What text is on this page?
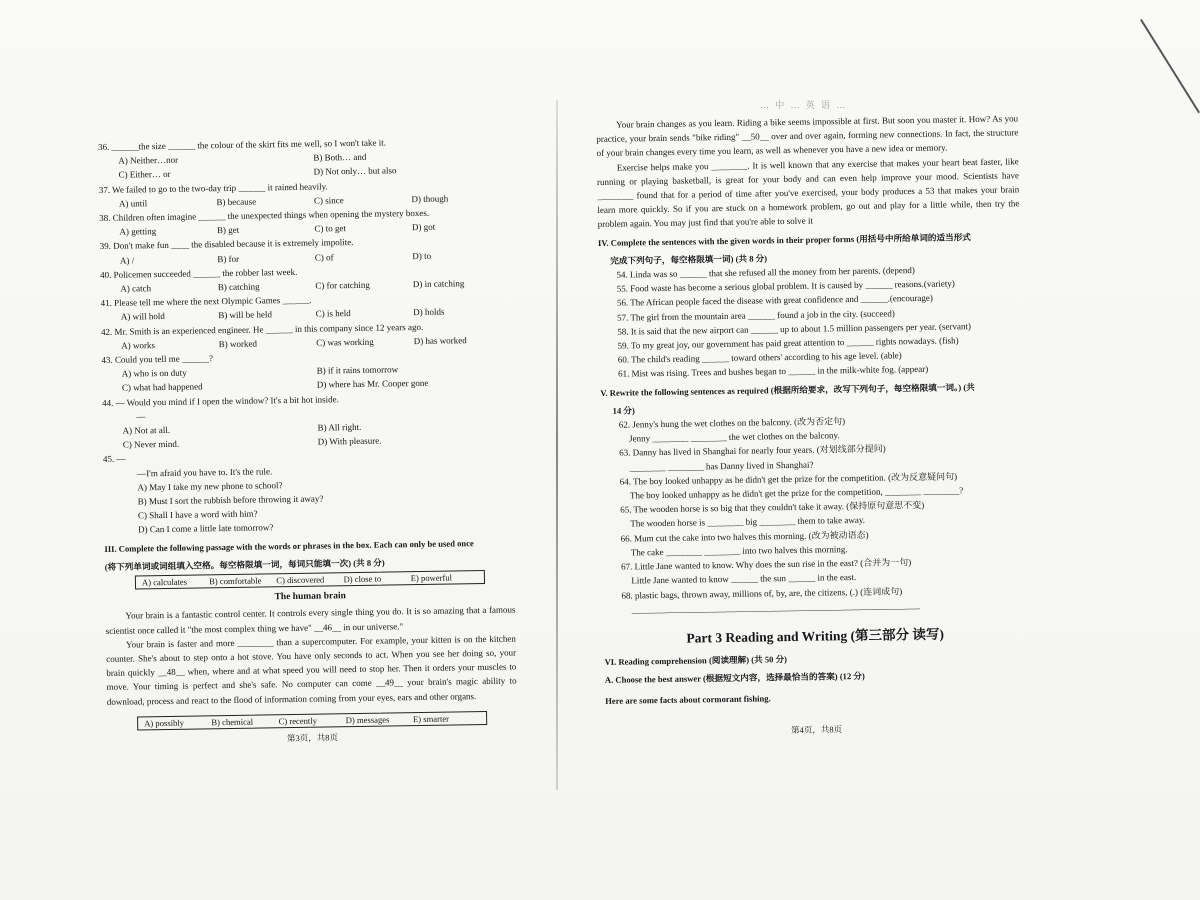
… 中 … 英 语 …
36. ______the size ______ the colour of the skirt fits me well, so I won't take it.
A) Neither…nor	B) Both… and
C) Either… or	D) Not only… but also
37. We failed to go to the two-day trip ______ it rained heavily.
A) until	B) because	C) since	D) though
38. Children often imagine ______ the unexpected things when opening the mystery boxes.
A) getting	B) get	C) to get	D) got
39. Don't make fun ____ the disabled because it is extremely impolite.
A) /	B) for	C) of	D) to
40. Policemen succeeded ______ the robber last week.
A) catch	B) catching	C) for catching	D) in catching
41. Please tell me where the next Olympic Games ______.
A) will hold	B) will be held	C) is held	D) holds
42. Mr. Smith is an experienced engineer. He ______ in this company since 12 years ago.
A) works	B) worked	C) was working	D) has worked
43. Could you tell me ______?
A) who is on duty	B) if it rains tomorrow
C) what had happened	D) where has Mr. Cooper gone
44. — Would you mind if I open the window? It's a bit hot inside.
—
A) Not at all.	B) All right.
C) Never mind.	D) With pleasure.
45. —
—I'm afraid you have to. It's the rule.
A) May I take my new phone to school?
B) Must I sort the rubbish before throwing it away?
C) Shall I have a word with him?
D) Can I come a little late tomorrow?
III. Complete the following passage with the words or phrases in the box. Each can only be used once
(将下列单词或词组填入空格。每空格限填一词，每词只能填一次) (共 8 分)
A) calculates	B) comfortable	C) discovered	D) close to	E) powerful
The human brain
Your brain is a fantastic control center. It controls every single thing you do. It is so amazing that a famous scientist once called it "the most complex thing we have" __46__ in our universe."
Your brain is faster and more ________ than a supercomputer. For example, your kitten is on the kitchen counter. She's about to step onto a hot stove. You have only seconds to act. When you see her doing so, your brain quickly __48__ when, where and at what speed you will need to stop her. Then it orders your muscles to move. Your timing is perfect and she's safe. No computer can come __49__ your brain's magic ability to download, process and react to the flood of information coming from your eyes, ears and other organs.
A) possibly	B) chemical	C) recently	D) messages	E) smarter
第3页，共8页
Your brain changes as you learn. Riding a bike seems impossible at first. But soon you master it. How? As you practice, your brain sends "bike riding" __50__ over and over again, forming new connections. In fact, the structure of your brain changes every time you learn, as well as whenever you have a new idea or memory.
Exercise helps make you ________. It is well known that any exercise that makes your heart beat faster, like running or playing basketball, is great for your body and can even help improve your mood. Scientists have ________ found that for a period of time after you've exercised, your body produces a 53 that makes your brain learn more quickly. So if you are stuck on a homework problem, go out and play for a little while, then try the problem again. You may just find that you're able to solve it
IV. Complete the sentences with the given words in their proper forms (用括号中所给单词的适当形式
完成下列句子，每空格限填一词) (共 8 分)
54. Linda was so ______ that she refused all the money from her parents. (depend)
55. Food waste has become a serious global problem. It is caused by ______ reasons.(variety)
56. The African people faced the disease with great confidence and ______.(encourage)
57. The girl from the mountain area ______ found a job in the city. (succeed)
58. It is said that the new airport can ______ up to about 1.5 million passengers per year. (servant)
59. To my great joy, our government has paid great attention to ______ rights nowadays. (fish)
60. The child's reading ______ toward others' according to his age level. (able)
61. Mist was rising. Trees and bushes began to ______ in the milk-white fog. (appear)
V. Rewrite the following sentences as required (根据所给要求，改写下列句子，每空格限填一词。) (共
14 分)
62. Jenny's hung the wet clothes on the balcony. (改为否定句)
Jenny ________ ________ the wet clothes on the balcony.
63. Danny has lived in Shanghai for nearly four years. (对划线部分提问)
________ ________ has Danny lived in Shanghai?
64. The boy looked unhappy as he didn't get the prize for the competition. (改为反意疑问句)
The boy looked unhappy as he didn't get the prize for the competition, ________ ________?
65. The wooden horse is so big that they couldn't take it away. (保持原句意思不变)
The wooden horse is ________ big ________ them to take away.
66. Mum cut the cake into two halves this morning. (改为被动语态)
The cake ________ ________ into two halves this morning.
67. Little Jane wanted to know. Why does the sun rise in the east? (合并为一句)
Little Jane wanted to know ______ the sun ______ in the east.
68. plastic bags, thrown away, millions of, by, are, the citizens, (.) (连词成句)
________________________________________________________________
Part 3 Reading and Writing (第三部分 读写)
VI. Reading comprehension (阅读理解) (共 50 分)
A. Choose the best answer (根据短文内容，选择最恰当的答案) (12 分)
Here are some facts about cormorant fishing.
第4页，共8页
